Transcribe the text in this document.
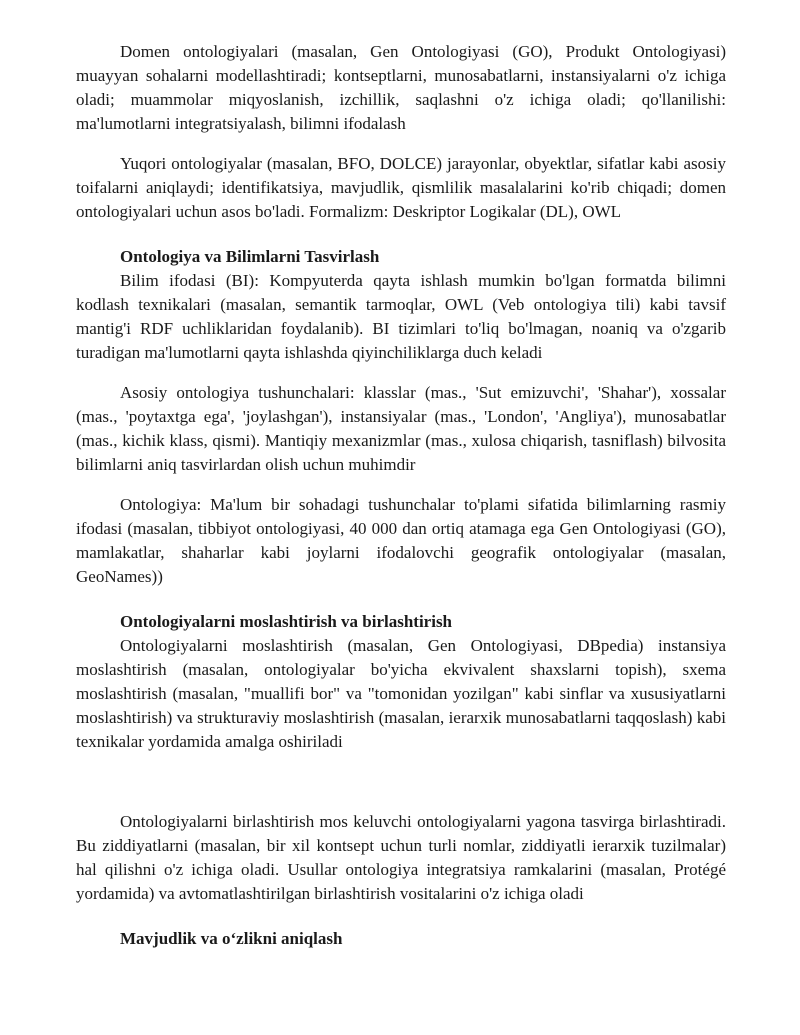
Domen ontologiyalari (masalan, Gen Ontologiyasi (GO), Produkt Ontologiyasi) muayyan sohalarni modellashtiradi; kontseptlarni, munosabatlarni, instansiyalarni o'z ichiga oladi; muammolar miqyoslanish, izchillik, saqlashni o'z ichiga oladi; qo'llanilishi: ma'lumotlarni integratsiyalash, bilimni ifodalash

Yuqori ontologiyalar (masalan, BFO, DOLCE) jarayonlar, obyektlar, sifatlar kabi asosiy toifalarni aniqlaydi; identifikatsiya, mavjudlik, qismlilik masalalarini ko'rib chiqadi; domen ontologiyalari uchun asos bo'ladi. Formalizm: Deskriptor Logikalar (DL), OWL

Ontologiya va Bilimlarni Tasvirlash

Bilim ifodasi (BI): Kompyuterda qayta ishlash mumkin bo'lgan formatda bilimni kodlash texnikalari (masalan, semantik tarmoqlar, OWL (Veb ontologiya tili) kabi tavsif mantig'i RDF uchliklaridan foydalanib). BI tizimlari to'liq bo'lmagan, noaniq va o'zgarib turadigan ma'lumotlarni qayta ishlashda qiyinchiliklarga duch keladi

Asosiy ontologiya tushunchalari: klasslar (mas., 'Sut emizuvchi', 'Shahar'), xossalar (mas., 'poytaxtga ega', 'joylashgan'), instansiyalar (mas., 'London', 'Angliya'), munosabatlar (mas., kichik klass, qismi). Mantiqiy mexanizmlar (mas., xulosa chiqarish, tasniflash) bilvosita bilimlarni aniq tasvirlardan olish uchun muhimdir

Ontologiya: Ma'lum bir sohadagi tushunchalar to'plami sifatida bilimlarning rasmiy ifodasi (masalan, tibbiyot ontologiyasi, 40 000 dan ortiq atamaga ega Gen Ontologiyasi (GO), mamlakatlar, shaharlar kabi joylarni ifodalovchi geografik ontologiyalar (masalan, GeoNames))

Ontologiyalarni moslashtirish va birlashtirish

Ontologiyalarni moslashtirish (masalan, Gen Ontologiyasi, DBpedia) instansiya moslashtirish (masalan, ontologiyalar bo'yicha ekvivalent shaxslarni topish), sxema moslashtirish (masalan, "muallifi bor" va "tomonidan yozilgan" kabi sinflar va xususiyatlarni moslashtirish) va strukturaviy moslashtirish (masalan, ierarxik munosabatlarni taqqoslash) kabi texnikalar yordamida amalga oshiriladi

Ontologiyalarni birlashtirish mos keluvchi ontologiyalarni yagona tasvirga birlashtiradi. Bu ziddiyatlarni (masalan, bir xil kontsept uchun turli nomlar, ziddiyatli ierarxik tuzilmalar) hal qilishni o'z ichiga oladi. Usullar ontologiya integratsiya ramkalarini (masalan, Protégé yordamida) va avtomatlashtirilgan birlashtirish vositalarini o'z ichiga oladi

Mavjudlik va o‘zlikni aniqlash
